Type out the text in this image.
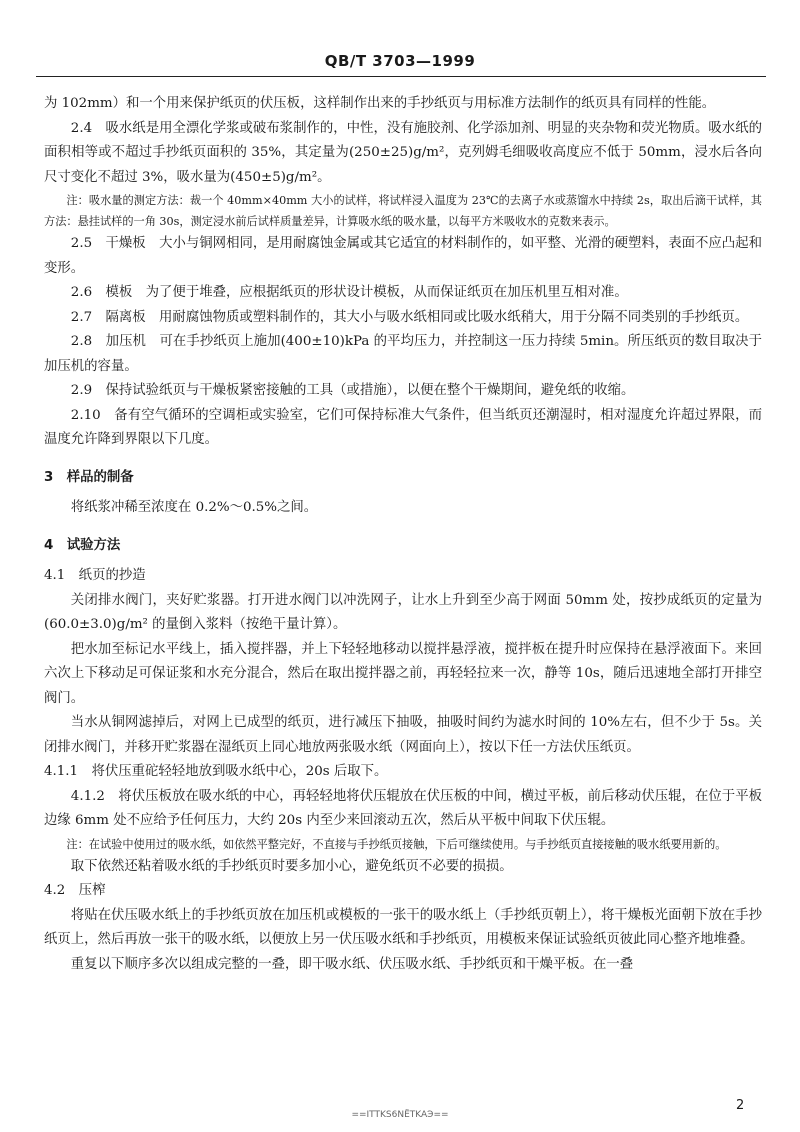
QB/T 3703—1999

为 102mm）和一个用来保护纸页的伏压板，这样制作出来的手抄纸页与用标准方法制作的纸页具有同样的性能。

2.4　吸水纸是用全漂化学浆或破布浆制作的，中性，没有施胶剂、化学添加剂、明显的夹杂物和荧光物质。吸水纸的面积相等或不超过手抄纸页面积的 35%，其定量为(250±25)g/m²，克列姆毛细吸收高度应不低于 50mm，浸水后各向尺寸变化不超过 3%，吸水量为(450±5)g/m²。

注：吸水量的测定方法：裁一个 40mm×40mm 大小的试样，将试样浸入温度为 23℃的去离子水或蒸馏水中持续 2s，取出后滴干试样，其方法：悬挂试样的一角 30s，测定浸水前后试样质量差异，计算吸水纸的吸水量，以每平方米吸收水的克数来表示。

2.5　干燥板　大小与铜网相同，是用耐腐蚀金属或其它适宜的材料制作的，如平整、光滑的硬塑料，表面不应凸起和变形。

2.6　模板　为了便于堆叠，应根据纸页的形状设计模板，从而保证纸页在加压机里互相对准。

2.7　隔离板　用耐腐蚀物质或塑料制作的，其大小与吸水纸相同或比吸水纸稍大，用于分隔不同类别的手抄纸页。

2.8　加压机　可在手抄纸页上施加(400±10)kPa 的平均压力，并控制这一压力持续 5min。所压纸页的数目取决于加压机的容量。

2.9　保持试验纸页与干燥板紧密接触的工具（或措施），以便在整个干燥期间，避免纸的收缩。

2.10　备有空气循环的空调柜或实验室，它们可保持标准大气条件，但当纸页还潮湿时，相对湿度允许超过界限，而温度允许降到界限以下几度。

3　样品的制备

将纸浆冲稀至浓度在 0.2%～0.5%之间。

4　试验方法

4.1　纸页的抄造

关闭排水阀门，夹好贮浆器。打开进水阀门以冲洗网子，让水上升到至少高于网面 50mm 处，按抄成纸页的定量为(60.0±3.0)g/m² 的量倒入浆料（按绝干量计算）。

把水加至标记水平线上，插入搅拌器，并上下轻轻地移动以搅拌悬浮液，搅拌板在提升时应保持在悬浮液面下。来回六次上下移动足可保证浆和水充分混合，然后在取出搅拌器之前，再轻轻拉来一次，静等 10s，随后迅速地全部打开排空阀门。

当水从铜网滤掉后，对网上已成型的纸页，进行减压下抽吸，抽吸时间约为滤水时间的 10%左右，但不少于 5s。关闭排水阀门，并移开贮浆器在湿纸页上同心地放两张吸水纸（网面向上），按以下任一方法伏压纸页。

4.1.1　将伏压重砣轻轻地放到吸水纸中心，20s 后取下。

4.1.2　将伏压板放在吸水纸的中心，再轻轻地将伏压辊放在伏压板的中间，横过平板，前后移动伏压辊，在位于平板边缘 6mm 处不应给予任何压力，大约 20s 内至少来回滚动五次，然后从平板中间取下伏压辊。

注：在试验中使用过的吸水纸，如依然平整完好，不直接与手抄纸页接触，下后可继续使用。与手抄纸页直接接触的吸水纸要用新的。

取下依然还粘着吸水纸的手抄纸页时要多加小心，避免纸页不必要的损损。

4.2　压榨

将贴在伏压吸水纸上的手抄纸页放在加压机或模板的一张干的吸水纸上（手抄纸页朝上），将干燥板光面朝下放在手抄纸页上，然后再放一张干的吸水纸，以便放上另一伏压吸水纸和手抄纸页，用模板来保证试验纸页彼此同心整齐地堆叠。

重复以下顺序多次以组成完整的一叠，即干吸水纸、伏压吸水纸、手抄纸页和干燥平板。在一叠

2
==ITTKS6NЁTKAЭ==
